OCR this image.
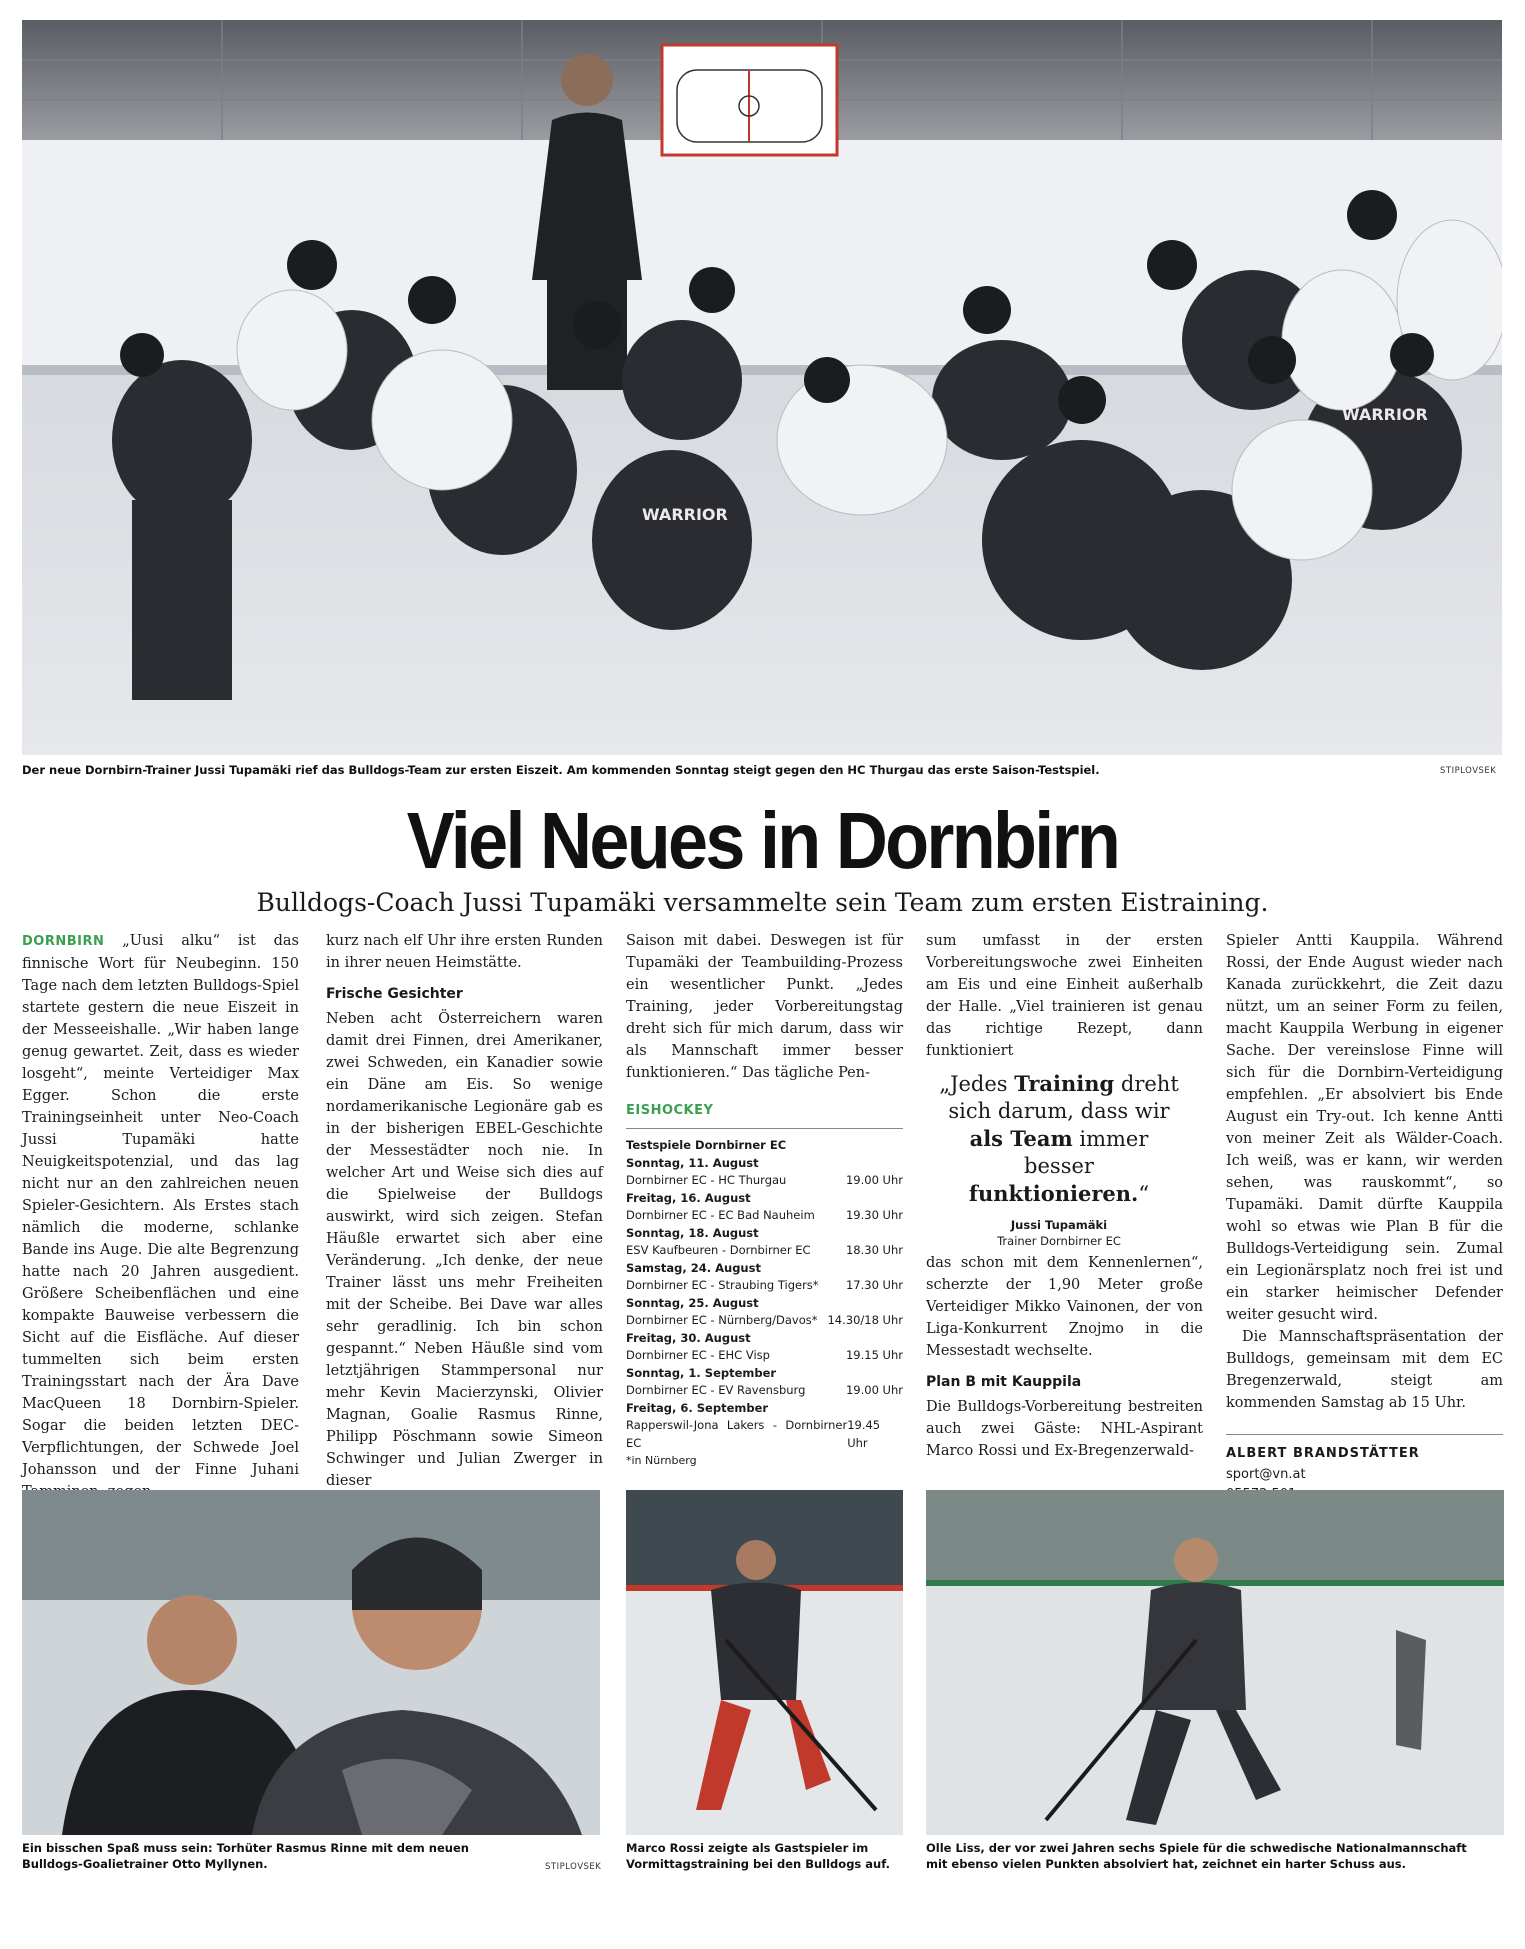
WARRIOR
WARRIOR
Der neue Dornbirn-Trainer Jussi Tupamäki rief das Bulldogs-Team zur ersten Eiszeit. Am kommenden Sonntag steigt gegen den HC Thurgau das erste Saison-Testspiel.	STIPLOVSEK
Viel Neues in Dornbirn
Bulldogs-Coach Jussi Tupamäki versammelte sein Team zum ersten Eistraining.

DORNBIRN „Uusi alku“ ist das finnische Wort für Neubeginn. 150 Tage nach dem letzten Bulldogs-Spiel startete gestern die neue Eiszeit in der Messeeishalle. „Wir haben lange genug gewartet. Zeit, dass es wieder losgeht“, meinte Verteidiger Max Egger. Schon die erste Trainingseinheit unter Neo-Coach Jussi Tupamäki hatte Neuigkeitspotenzial, und das lag nicht nur an den zahlreichen neuen Spieler-Gesichtern. Als Erstes stach nämlich die moderne, schlanke Bande ins Auge. Die alte Begrenzung hatte nach 20 Jahren ausgedient. Größere Scheibenflächen und eine kompakte Bauweise verbessern die Sicht auf die Eisfläche. Auf dieser tummelten sich beim ersten Trainingsstart nach der Ära Dave MacQueen 18 Dornbirn-Spieler. Sogar die beiden letzten DEC-Verpflichtungen, der Schwede Joel Johansson und der Finne Juhani

kurz nach elf Uhr ihre ersten Runden in ihrer neuen Heimstätte.

Frische Gesichter

Neben acht Österreichern waren damit drei Finnen, drei Amerikaner, zwei Schweden, ein Kanadier sowie ein Däne am Eis. So wenige nordamerikanische Legionäre gab es in der bisherigen EBEL-Geschichte der Messestädter noch nie. In welcher Art und Weise sich dies auf die Spielweise der Bulldogs auswirkt, wird sich zeigen. Stefan Häußle erwartet sich aber eine Veränderung. „Ich denke, der neue Trainer lässt uns mehr Freiheiten mit der Scheibe. Bei Dave war alles sehr geradlinig. Ich bin schon gespannt.“ Neben Häußle sind vom letztjährigen Stammpersonal nur mehr Kevin Macierzynski, Olivier Magnan, Goalie Rasmus Rinne, Philipp Pöschmann sowie Simeon Schwinger und Julian Zwerger in dieser

Saison mit dabei. Deswegen ist für Tupamäki der Teambuilding-Prozess ein wesentlicher Punkt. „Jedes Training, jeder Vorbereitungstag dreht sich für mich darum, dass wir als Mannschaft immer besser funktionieren.“ Das tägliche Pen-

EISHOCKEY
Testspiele Dornbirner EC
Sonntag, 11. August
Dornbirner EC - HC Thurgau	19.00 Uhr
Freitag, 16. August
Dornbirner EC - EC Bad Nauheim	19.30 Uhr
Sonntag, 18. August
ESV Kaufbeuren - Dornbirner EC	18.30 Uhr
Samstag, 24. August
Dornbirner EC - Straubing Tigers* 17.30 Uhr
Sonntag, 25. August
Dornbirner EC - Nürnberg/Davos* 14.30/18 Uhr
Freitag, 30. August
Dornbirner EC - EHC Visp	19.15 Uhr
Sonntag, 1. September
Dornbirner EC - EV Ravensburg	19.00 Uhr
Freitag, 6. September
Rapperswil-Jona Lakers - Dornbirner EC
19.45 Uhr
*in Nürnberg

sum umfasst in der ersten Vorbereitungswoche zwei Einheiten am Eis und eine Einheit außerhalb der Halle. „Viel trainieren ist genau das richtige Rezept, dann funktioniert

„Jedes Training dreht sich darum, dass wir als Team immer besser funktionieren.“
Jussi Tupamäki
Trainer Dornbirner EC

das schon mit dem Kennenlernen“, scherzte der 1,90 Meter große Verteidiger Mikko Vainonen, der von Liga-Konkurrent Znojmo in die Messestadt wechselte.

Plan B mit Kauppila

Die Bulldogs-Vorbereitung bestreiten auch zwei Gäste: NHL-Aspirant Marco Rossi und Ex-Bregenzerwald-

Spieler Antti Kauppila. Während Rossi, der Ende August wieder nach Kanada zurückkehrt, die Zeit dazu nützt, um an seiner Form zu feilen, macht Kauppila Werbung in eigener Sache. Der vereinslose Finne will sich für die Dornbirn-Verteidigung empfehlen. „Er absolviert bis Ende August ein Try-out. Ich kenne Antti von meiner Zeit als Wälder-Coach. Ich weiß, was er kann, wir werden sehen, was rauskommt“, so Tupamäki. Damit dürfte Kauppila wohl so etwas wie Plan B für die Bulldogs-Verteidigung sein. Zumal ein Legionärsplatz noch frei ist und ein starker heimischer Defender weiter gesucht wird.

Die Mannschaftspräsentation der Bulldogs, gemeinsam mit dem EC Bregenzerwald, steigt am kommenden Samstag ab 15 Uhr.

ALBERT BRANDSTÄTTER
sport@vn.at
Ein bisschen Spaß muss sein: Torhüter Rasmus Rinne mit dem neuen Bulldogs-Goalietrainer Otto Myllynen.	STIPLOVSEK
Marco Rossi zeigte als Gastspieler im Vormittagstraining bei den Bulldogs auf.
Olle Liss, der vor zwei Jahren sechs Spiele für die schwedische Nationalmannschaft mit ebenso vielen Punkten absolviert hat, zeichnet ein harter Schuss aus.
